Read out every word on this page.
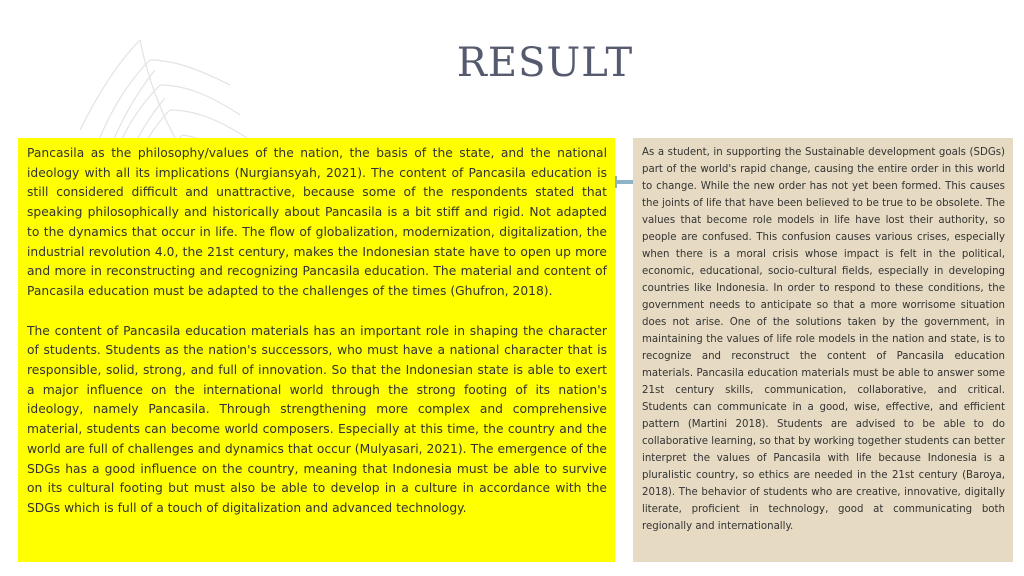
RESULT

Pancasila as the philosophy/values of the nation, the basis of the state, and the national ideology with all its implications (Nurgiansyah, 2021). The content of Pancasila education is still considered difficult and unattractive, because some of the respondents stated that speaking philosophically and historically about Pancasila is a bit stiff and rigid. Not adapted to the dynamics that occur in life. The flow of globalization, modernization, digitalization, the industrial revolution 4.0, the 21st century, makes the Indonesian state have to open up more and more in reconstructing and recognizing Pancasila education. The material and content of Pancasila education must be adapted to the challenges of the times (Ghufron, 2018).

The content of Pancasila education materials has an important role in shaping the character of students. Students as the nation's successors, who must have a national character that is responsible, solid, strong, and full of innovation. So that the Indonesian state is able to exert a major influence on the international world through the strong footing of its nation's ideology, namely Pancasila. Through strengthening more complex and comprehensive material, students can become world composers. Especially at this time, the country and the world are full of challenges and dynamics that occur (Mulyasari, 2021). The emergence of the SDGs has a good influence on the country, meaning that Indonesia must be able to survive on its cultural footing but must also be able to develop in a culture in accordance with the SDGs which is full of a touch of digitalization and advanced technology.

As a student, in supporting the Sustainable development goals (SDGs) part of the world's rapid change, causing the entire order in this world to change. While the new order has not yet been formed. This causes the joints of life that have been believed to be true to be obsolete. The values that become role models in life have lost their authority, so people are confused. This confusion causes various crises, especially when there is a moral crisis whose impact is felt in the political, economic, educational, socio-cultural fields, especially in developing countries like Indonesia. In order to respond to these conditions, the government needs to anticipate so that a more worrisome situation does not arise. One of the solutions taken by the government, in maintaining the values of life role models in the nation and state, is to recognize and reconstruct the content of Pancasila education materials. Pancasila education materials must be able to answer some 21st century skills, communication, collaborative, and critical. Students can communicate in a good, wise, effective, and efficient pattern (Martini 2018). Students are advised to be able to do collaborative learning, so that by working together students can better interpret the values of Pancasila with life because Indonesia is a pluralistic country, so ethics are needed in the 21st century (Baroya, 2018). The behavior of students who are creative, innovative, digitally literate, proficient in technology, good at communicating both regionally and internationally.
